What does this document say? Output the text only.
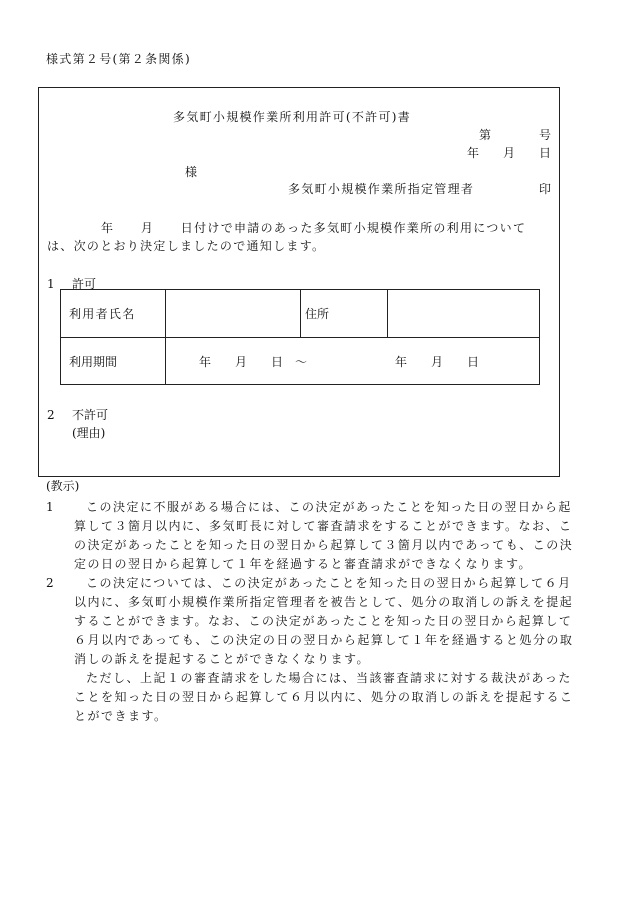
様式第２号(第２条関係)
多気町小規模作業所利用許可(不許可)書
第　　　　号
年　　月　　日
様
多気町小規模作業所指定管理者	印
年　　月　　日付けで申請のあった多気町小規模作業所の利用について
は、次のとおり決定しましたので通知します。
1 許可
2 不許可
(理由)
利用者氏名	住所
利用期間	年　　月　　日　～	年　　月　　日
(教示)
1	この決定に不服がある場合には、この決定があったことを知った日の翌日から起
算して３箇月以内に、多気町長に対して審査請求をすることができます。なお、こ
の決定があったことを知った日の翌日から起算して３箇月以内であっても、この決
定の日の翌日から起算して１年を経過すると審査請求ができなくなります。
2	この決定については、この決定があったことを知った日の翌日から起算して６月
以内に、多気町小規模作業所指定管理者を被告として、処分の取消しの訴えを提起
することができます。なお、この決定があったことを知った日の翌日から起算して
６月以内であっても、この決定の日の翌日から起算して１年を経過すると処分の取
消しの訴えを提起することができなくなります。
ただし、上記１の審査請求をした場合には、当該審査請求に対する裁決があった
ことを知った日の翌日から起算して６月以内に、処分の取消しの訴えを提起するこ
とができます。
